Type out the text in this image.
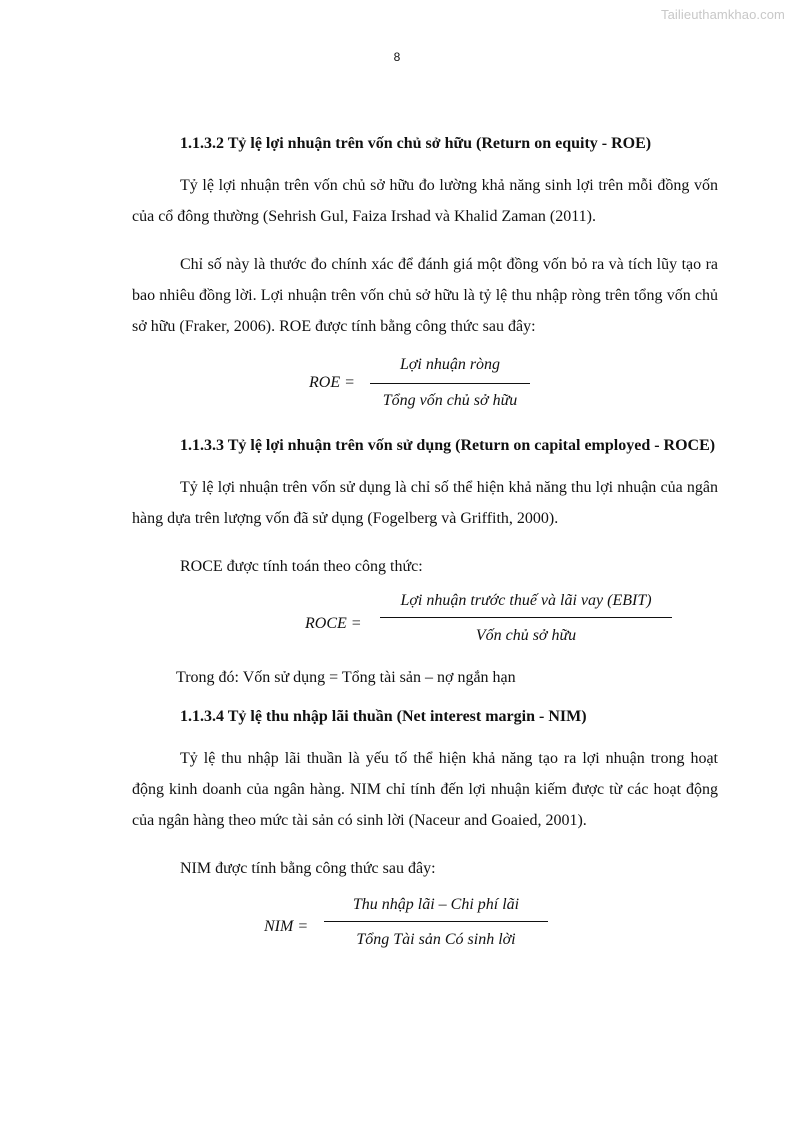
Tailieuthamkhao.com
8

1.1.3.2 Tỷ lệ lợi nhuận trên vốn chủ sở hữu (Return on equity - ROE)

Tỷ lệ lợi nhuận trên vốn chủ sở hữu đo lường khả năng sinh lợi trên mỗi đồng vốn của cổ đông thường (Sehrish Gul, Faiza Irshad và Khalid Zaman (2011).

Chỉ số này là thước đo chính xác để đánh giá một đồng vốn bỏ ra và tích lũy tạo ra bao nhiêu đồng lời. Lợi nhuận trên vốn chủ sở hữu là tỷ lệ thu nhập ròng trên tổng vốn chủ sở hữu (Fraker, 2006). ROE được tính bằng công thức sau đây:

ROE =
Lợi nhuận ròng
Tổng vốn chủ sở hữu

1.1.3.3 Tỷ lệ lợi nhuận trên vốn sử dụng (Return on capital employed - ROCE)

Tỷ lệ lợi nhuận trên vốn sử dụng là chỉ số thể hiện khả năng thu lợi nhuận của ngân hàng dựa trên lượng vốn đã sử dụng (Fogelberg và Griffith, 2000).

ROCE được tính toán theo công thức:

ROCE =
Lợi nhuận trước thuế và lãi vay (EBIT)
Vốn chủ sở hữu

Trong đó: Vốn sử dụng = Tổng tài sản – nợ ngắn hạn

1.1.3.4 Tỷ lệ thu nhập lãi thuần (Net interest margin - NIM)

Tỷ lệ thu nhập lãi thuần là yếu tố thể hiện khả năng tạo ra lợi nhuận trong hoạt động kinh doanh của ngân hàng. NIM chỉ tính đến lợi nhuận kiếm được từ các hoạt động của ngân hàng theo mức tài sản có sinh lời (Naceur and Goaied, 2001).

NIM được tính bằng công thức sau đây:

NIM =
Thu nhập lãi – Chi phí lãi
Tổng Tài sản Có sinh lời
